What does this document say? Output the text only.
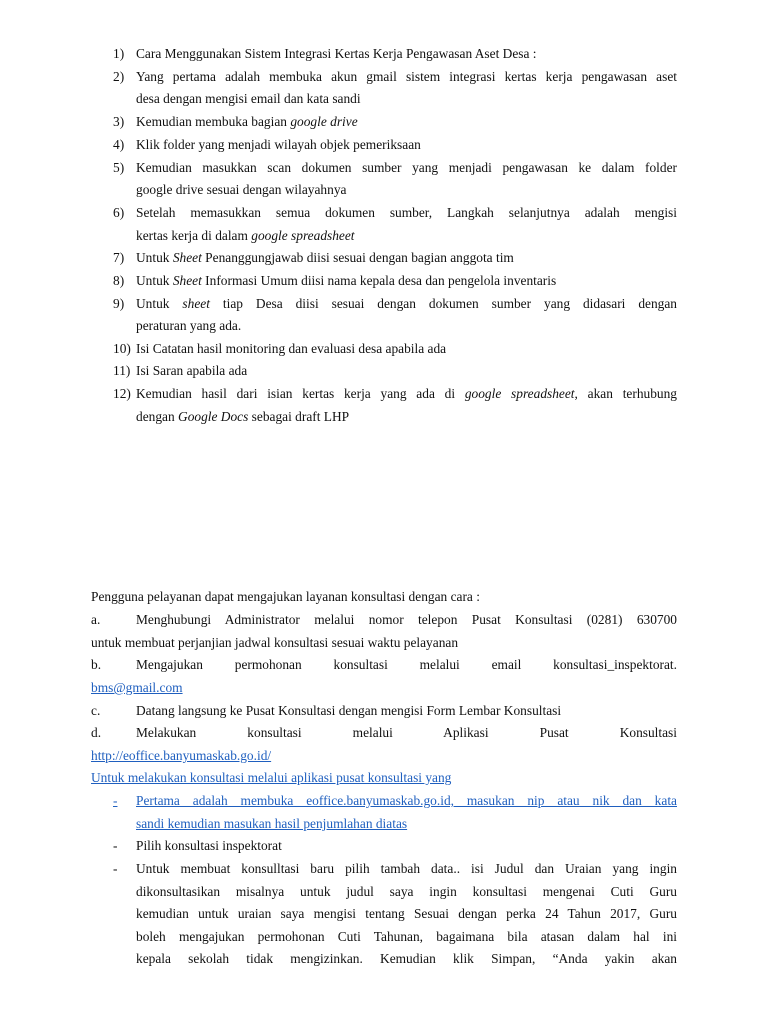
1) Cara Menggunakan Sistem Integrasi Kertas Kerja Pengawasan Aset Desa :
2) Yang pertama adalah membuka akun gmail sistem integrasi kertas kerja pengawasan aset
desa dengan mengisi email dan kata sandi
3) Kemudian membuka bagian google drive
4) Klik folder yang menjadi wilayah objek pemeriksaan
5) Kemudian masukkan scan dokumen sumber yang menjadi pengawasan ke dalam folder
google drive sesuai dengan wilayahnya
6) Setelah memasukkan semua dokumen sumber, Langkah selanjutnya adalah mengisi
kertas kerja di dalam google spreadsheet
7) Untuk Sheet Penanggungjawab diisi sesuai dengan bagian anggota tim
8) Untuk Sheet Informasi Umum diisi nama kepala desa dan pengelola inventaris
9) Untuk sheet tiap Desa diisi sesuai dengan dokumen sumber yang didasari dengan
peraturan yang ada.
10) Isi Catatan hasil monitoring dan evaluasi desa apabila ada
11) Isi Saran apabila ada
12) Kemudian hasil dari isian kertas kerja yang ada di google spreadsheet, akan terhubung
dengan Google Docs sebagai draft LHP
Pengguna pelayanan dapat mengajukan layanan konsultasi dengan cara :
a.	Menghubungi Administrator melalui nomor telepon Pusat Konsultasi (0281) 630700
untuk membuat perjanjian jadwal konsultasi sesuai waktu pelayanan
b.	Mengajukan permohonan konsultasi melalui email konsultasi_inspektorat.
bms@gmail.com
c.	Datang langsung ke Pusat Konsultasi dengan mengisi Form Lembar Konsultasi
d.	Melakukan konsultasi melalui Aplikasi Pusat Konsultasi
http://eoffice.banyumaskab.go.id/
Untuk melakukan konsultasi melalui aplikasi pusat konsultasi yang
- Pertama adalah membuka eoffice.banyumaskab.go.id, masukan nip atau nik dan kata
sandi kemudian masukan hasil penjumlahan diatas
- Pilih konsultasi inspektorat
- Untuk membuat konsulltasi baru pilih tambah data.. isi Judul dan Uraian yang ingin
dikonsultasikan misalnya untuk judul saya ingin konsultasi mengenai Cuti Guru
kemudian untuk uraian saya mengisi tentang Sesuai dengan perka 24 Tahun 2017, Guru
boleh mengajukan permohonan Cuti Tahunan, bagaimana bila atasan dalam hal ini
kepala sekolah tidak mengizinkan. Kemudian klik Simpan, “Anda yakin akan
